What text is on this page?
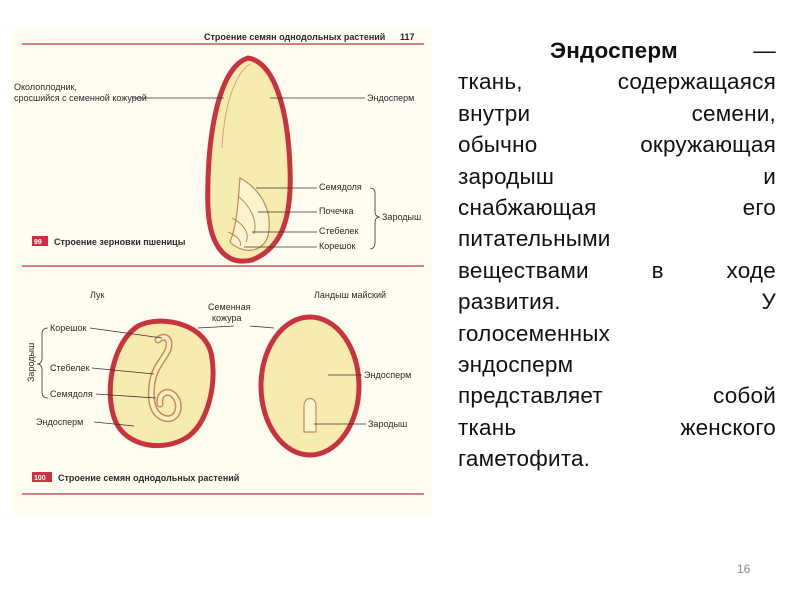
Строение семян однодольных растений 117
Околоплодник,
сросшийся с семенной кожурой	Эндосперм
Семядоля
Почечка
Стебелек
Корешок
Зародыш
99 Строение зерновки пшеницы
Лук	Ландыш майский
Семенная
кожура
Корешок
Стебелек
Семядоля
Эндосперм
Зародыш	Эндосперм
Зародыш
100 Строение семян однодольных растений
Эндосперм	—
ткань,	содержащаяся
внутри	семени,
обычно	окружающая
зародыш	и
снабжающая	его
питательными
веществами	в	ходе
развития.	У
голосеменных
эндосперм
представляет	собой
ткань	женского
гаметофита.
16
